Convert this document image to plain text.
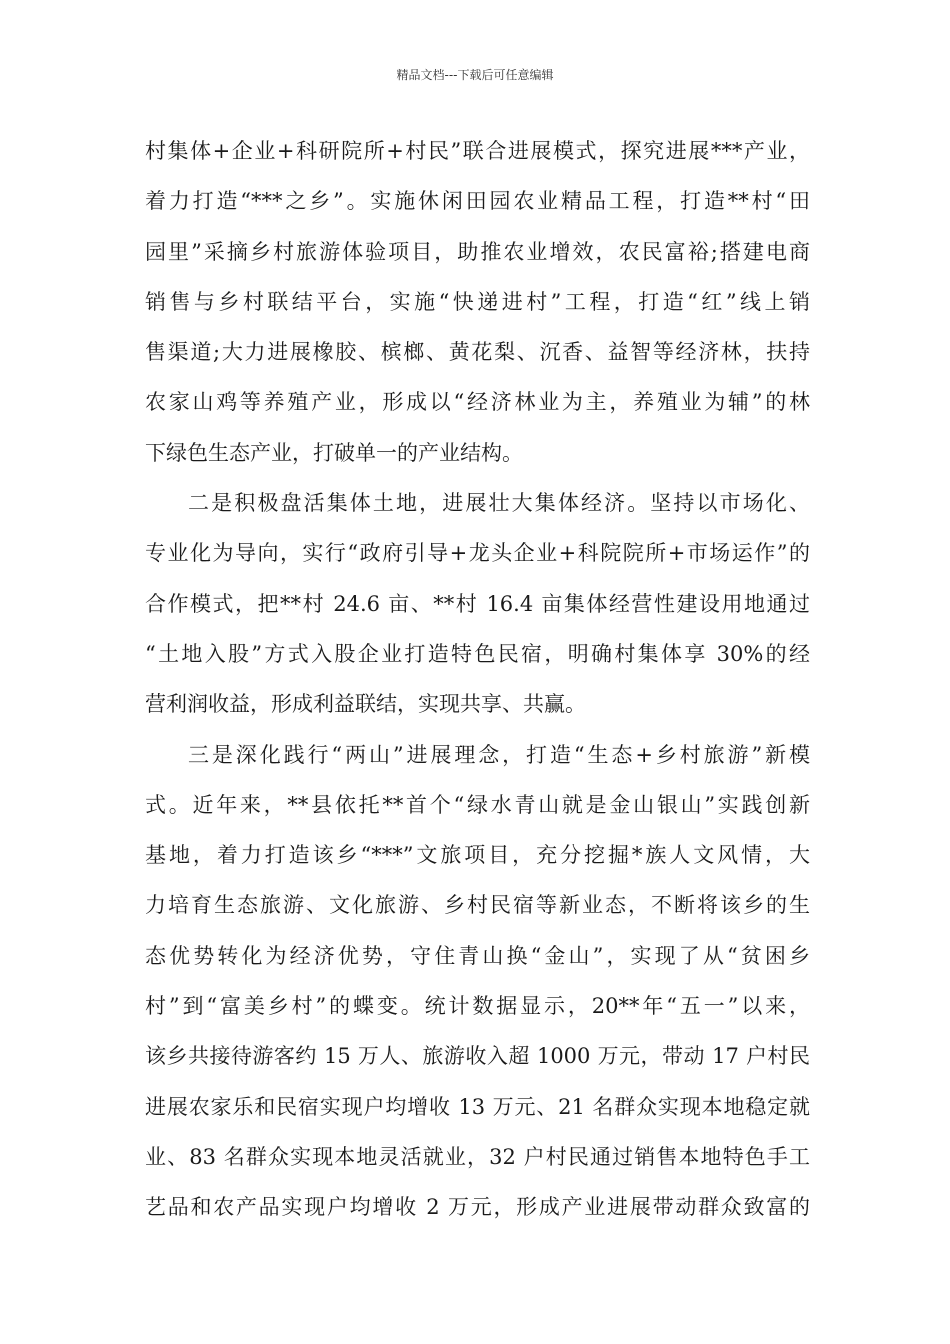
精品文档---下载后可任意编辑
村集体+企业+科研院所+村民”联合进展模式，探究进展***产业，
着力打造“***之乡”。实施休闲田园农业精品工程，打造**村“田
园里”采摘乡村旅游体验项目，助推农业增效，农民富裕;搭建电商
销售与乡村联结平台，实施“快递进村”工程，打造“红”线上销
售渠道;大力进展橡胶、槟榔、黄花梨、沉香、益智等经济林，扶持
农家山鸡等养殖产业，形成以“经济林业为主，养殖业为辅”的林
下绿色生态产业，打破单一的产业结构。
二是积极盘活集体土地，进展壮大集体经济。坚持以市场化、
专业化为导向，实行“政府引导+龙头企业+科院院所+市场运作”的
合作模式，把**村 24.6 亩、**村 16.4 亩集体经营性建设用地通过
“土地入股”方式入股企业打造特色民宿，明确村集体享 30%的经
营利润收益，形成利益联结，实现共享、共赢。
三是深化践行“两山”进展理念，打造“生态+乡村旅游”新模
式。近年来，**县依托**首个“绿水青山就是金山银山”实践创新
基地，着力打造该乡“***”文旅项目，充分挖掘*族人文风情，大
力培育生态旅游、文化旅游、乡村民宿等新业态，不断将该乡的生
态优势转化为经济优势，守住青山换“金山”，实现了从“贫困乡
村”到“富美乡村”的蝶变。统计数据显示，20**年“五一”以来，
该乡共接待游客约 15 万人、旅游收入超 1000 万元，带动 17 户村民
进展农家乐和民宿实现户均增收 13 万元、21 名群众实现本地稳定就
业、83 名群众实现本地灵活就业，32 户村民通过销售本地特色手工
艺品和农产品实现户均增收 2 万元，形成产业进展带动群众致富的
